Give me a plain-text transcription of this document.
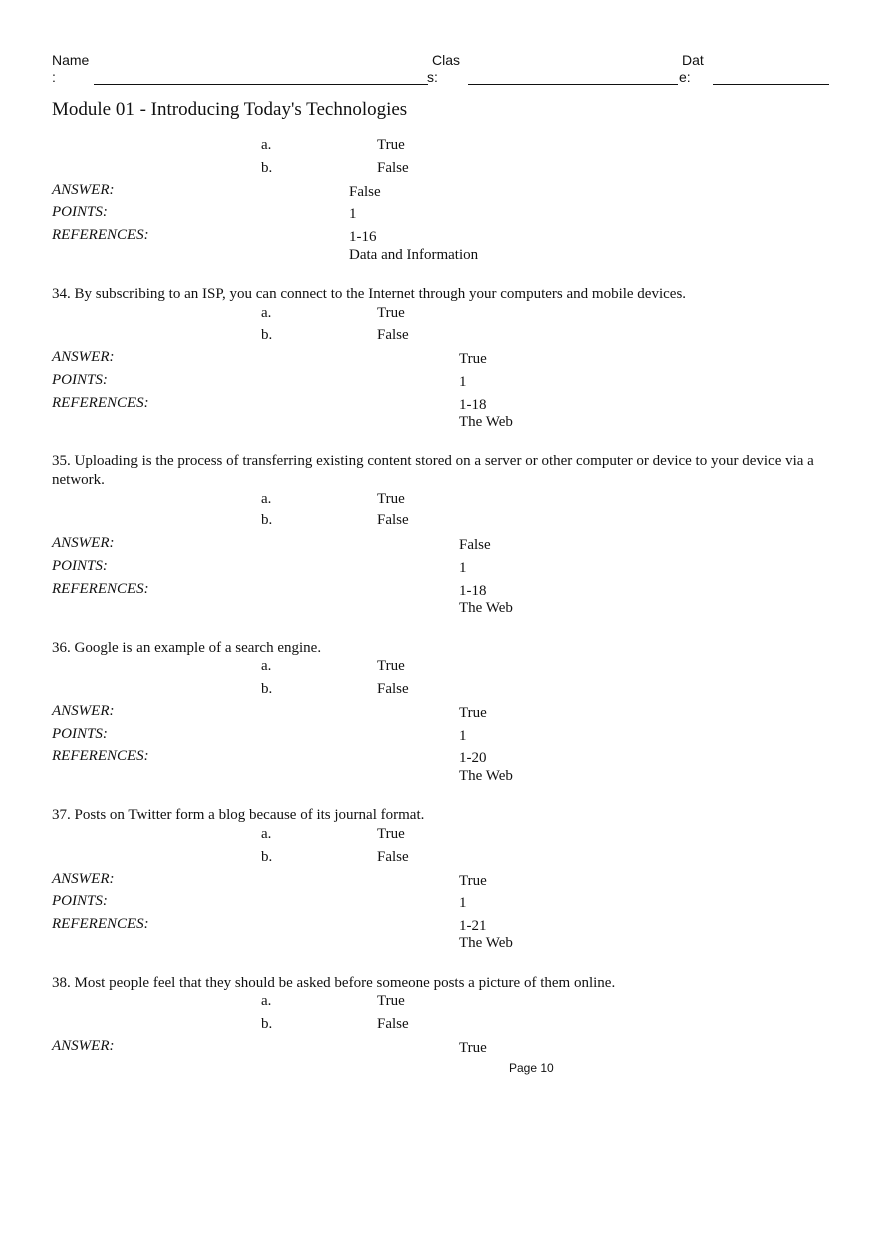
Name
:
Clas
s:
Dat
e:
Module 01 - Introducing Today's Technologies
a.	True
b.	False
ANSWER:	False
POINTS:	1
REFERENCES:	1-16
Data and Information
34. By subscribing to an ISP, you can connect to the Internet through your computers and mobile devices.
a.	True
b.	False
ANSWER:	True
POINTS:	1
REFERENCES:	1-18
The Web
35. Uploading is the process of transferring existing content stored on a server or other computer or device to your device via a network.
a.	True
b.	False
ANSWER:	False
POINTS:	1
REFERENCES:	1-18
The Web
36. Google is an example of a search engine.
a.	True
b.	False
ANSWER:	True
POINTS:	1
REFERENCES:	1-20
The Web
37. Posts on Twitter form a blog because of its journal format.
a.	True
b.	False
ANSWER:	True
POINTS:	1
REFERENCES:	1-21
The Web
38. Most people feel that they should be asked before someone posts a picture of them online.
a.	True
b.	False
ANSWER:	True
Page 10
